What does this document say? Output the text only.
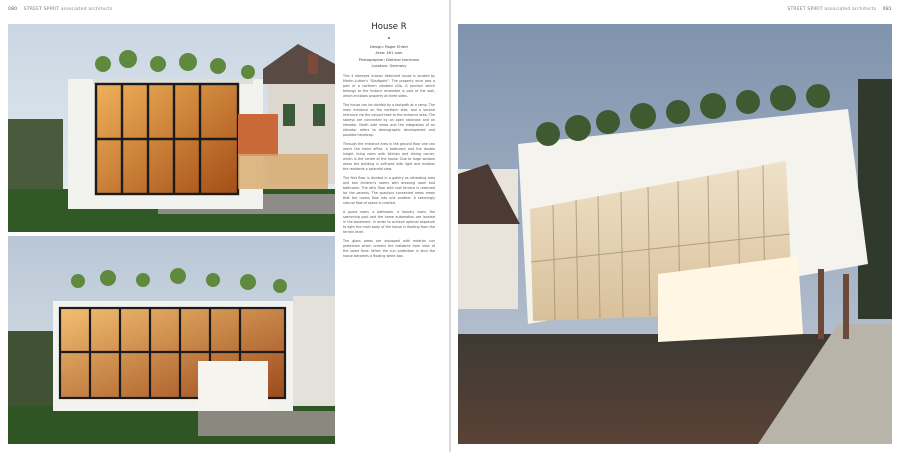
080 STREET SPIRIT associated architects	STREET SPIRIT associated architects 081
House R
Design: Roger Ehlert
Area: 461 sqm
Photographer: Dietmar Isermann
Location: Germany

This 4 storeyed in-town detached house is located by Martin-Luther's "Stadtpark". The property once was a part of a northern situated villa. A pavilion which belongs to the historic ensemble is part of the wall, which encloses property at three sides.

The house can be divided by a footpath at a ramp. The main entrance on the northern side, and a second entrance via the carport lead to the entrance area. The storeys are connected by an open staircase and an elevator. North side views and the integration of an elevator refers to demographic development and possible handicap.

Through the entrance area in the ground floor one can reach the home office, a bathroom and the double height living room with kitchen and dining corner, which is the centre of the house. Due to large window areas the building is suffused with light and enables the residents a splendid view.

The first floor is divided in a gallery as retreating area and two children's rooms with dressing room and bathroom. The attic floor with roof terrace is reserved for the parents. The spacious connected areas mean that the rooms flow into one another. A seemingly natural flow of space is created.

A guest room, a bathroom, a laundry room, the swimming pool and the home automation are located in the basement. In order to achieve optimal exposure to light the main body of the house is floating from the terrain level.

The glass areas are equipped with exterior sun protection which screens the residents from view at the same time. When the sun protection is shut the house becomes a floating white box.
